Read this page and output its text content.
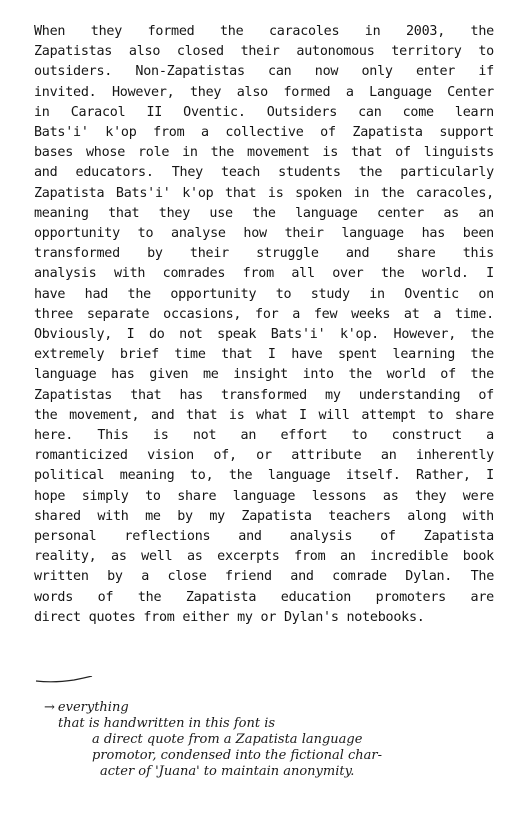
When they formed the caracoles in 2003, the
Zapatistas also closed their autonomous territory to
outsiders. Non-Zapatistas can now only enter if
invited. However, they also formed a Language Center
in Caracol II Oventic. Outsiders can come learn
Bats'i' k'op from a collective of Zapatista support
bases whose role in the movement is that of linguists
and educators. They teach students the particularly
Zapatista Bats'i' k'op that is spoken in the caracoles,
meaning that they use the language center as an
opportunity to analyse how their language has been
transformed by their struggle and share this
analysis with comrades from all over the world. I
have had the opportunity to study in Oventic on
three separate occasions, for a few weeks at a time.
Obviously, I do not speak Bats'i' k'op. However, the
extremely brief time that I have spent learning the
language has given me insight into the world of the
Zapatistas that has transformed my understanding of
the movement, and that is what I will attempt to share
here. This is not an effort to construct a
romanticized vision of, or attribute an inherently
political meaning to, the language itself. Rather, I
hope simply to share language lessons as they were
shared with me by my Zapatista teachers along with
personal reflections and analysis of Zapatista
reality, as well as excerpts from an incredible book
written by a close friend and comrade Dylan. The
words of the Zapatista education promoters are
direct quotes from either my or Dylan's notebooks.
→ everything
that is handwritten in this font is
a direct quote from a Zapatista language
promotor, condensed into the fictional char-
acter of 'Juana' to maintain anonymity.
